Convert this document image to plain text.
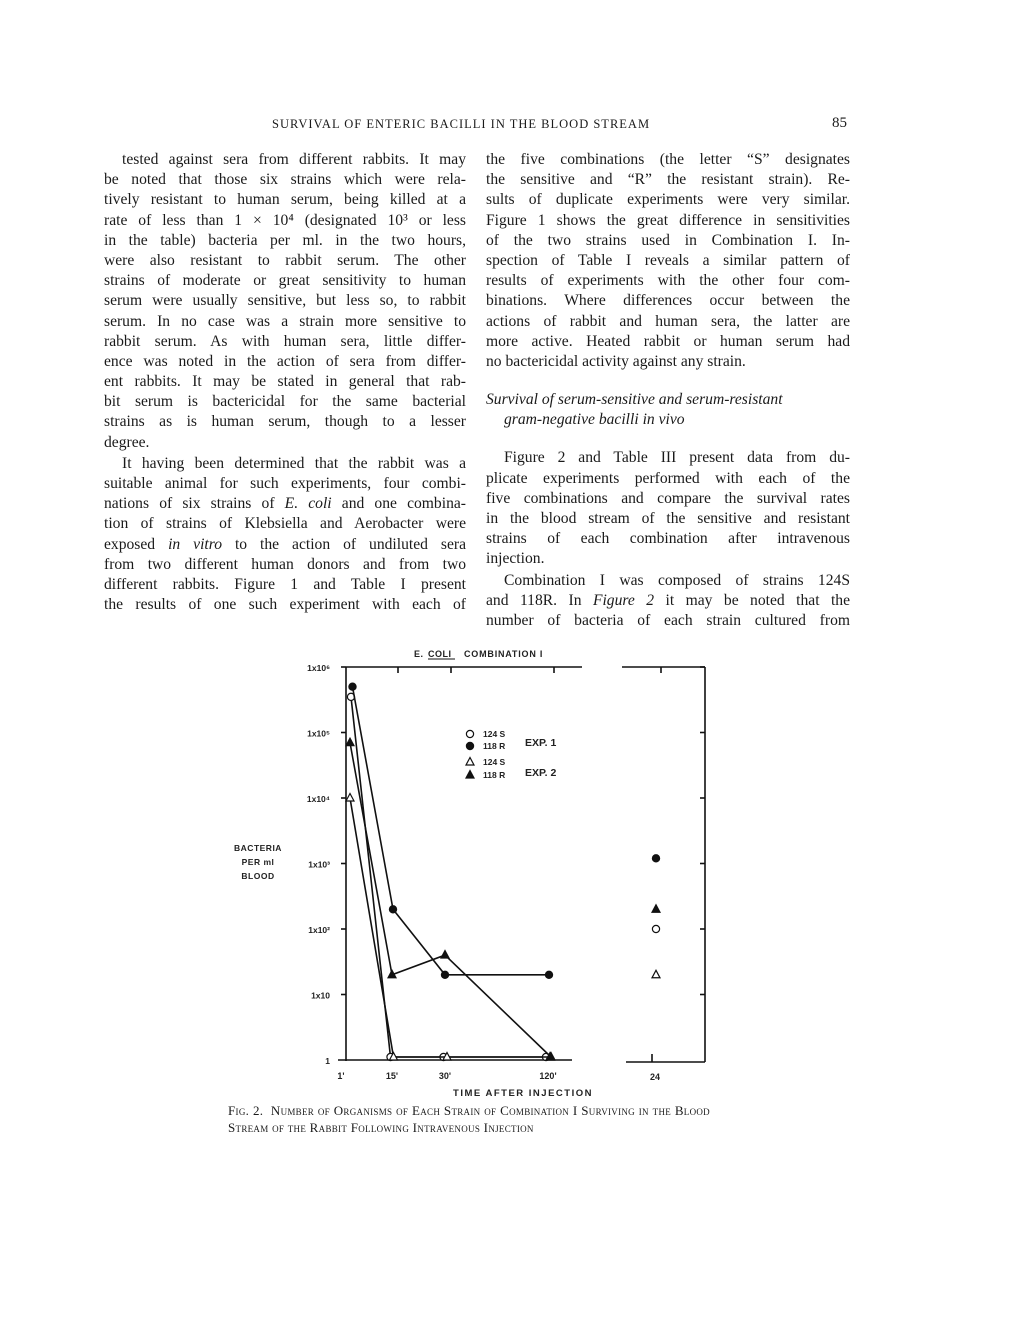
SURVIVAL OF ENTERIC BACILLI IN THE BLOOD STREAM	85
tested against sera from different rabbits. It may
be noted that those six strains which were rela-
tively resistant to human serum, being killed at a
rate of less than 1 × 10⁴ (designated 10³ or less
in the table) bacteria per ml. in the two hours,
were also resistant to rabbit serum. The other
strains of moderate or great sensitivity to human
serum were usually sensitive, but less so, to rabbit
serum. In no case was a strain more sensitive to
rabbit serum. As with human sera, little differ-
ence was noted in the action of sera from differ-
ent rabbits. It may be stated in general that rab-
bit serum is bactericidal for the same bacterial
strains as is human serum, though to a lesser
degree.
It having been determined that the rabbit was a
suitable animal for such experiments, four combi-
nations of six strains of E. coli and one combina-
tion of strains of Klebsiella and Aerobacter were
exposed in vitro to the action of undiluted sera
from two different human donors and from two
different rabbits. Figure 1 and Table I present
the results of one such experiment with each of
the five combinations (the letter “S” designates
the sensitive and “R” the resistant strain). Re-
sults of duplicate experiments were very similar.
Figure 1 shows the great difference in sensitivities
of the two strains used in Combination I. In-
spection of Table I reveals a similar pattern of
results of experiments with the other four com-
binations. Where differences occur between the
actions of rabbit and human sera, the latter are
more active. Heated rabbit or human serum had
no bactericidal activity against any strain.
Survival of serum-sensitive and serum-resistant
gram-negative bacilli in vivo
Figure 2 and Table III present data from du-
plicate experiments performed with each of the
five combinations and compare the survival rates
in the blood stream of the sensitive and resistant
strains of each combination after intravenous
injection.
Combination I was composed of strains 124S
and 118R. In Figure 2 it may be noted that the
number of bacteria of each strain cultured from
1x10⁶
1x10⁵
1x10⁴
1x10³
1x10²
1x10
1
1'	15'	30'	120'	24
TIME AFTER INJECTION
BACTERIA
PER ml
BLOOD
E. COLI COMBINATION I
124 S
118 R
124 S
118 R
EXP. 1
EXP. 2
Fig. 2. Number of Organisms of Each Strain of Combination I Surviving in the Blood Stream of the Rabbit Following Intravenous Injection
